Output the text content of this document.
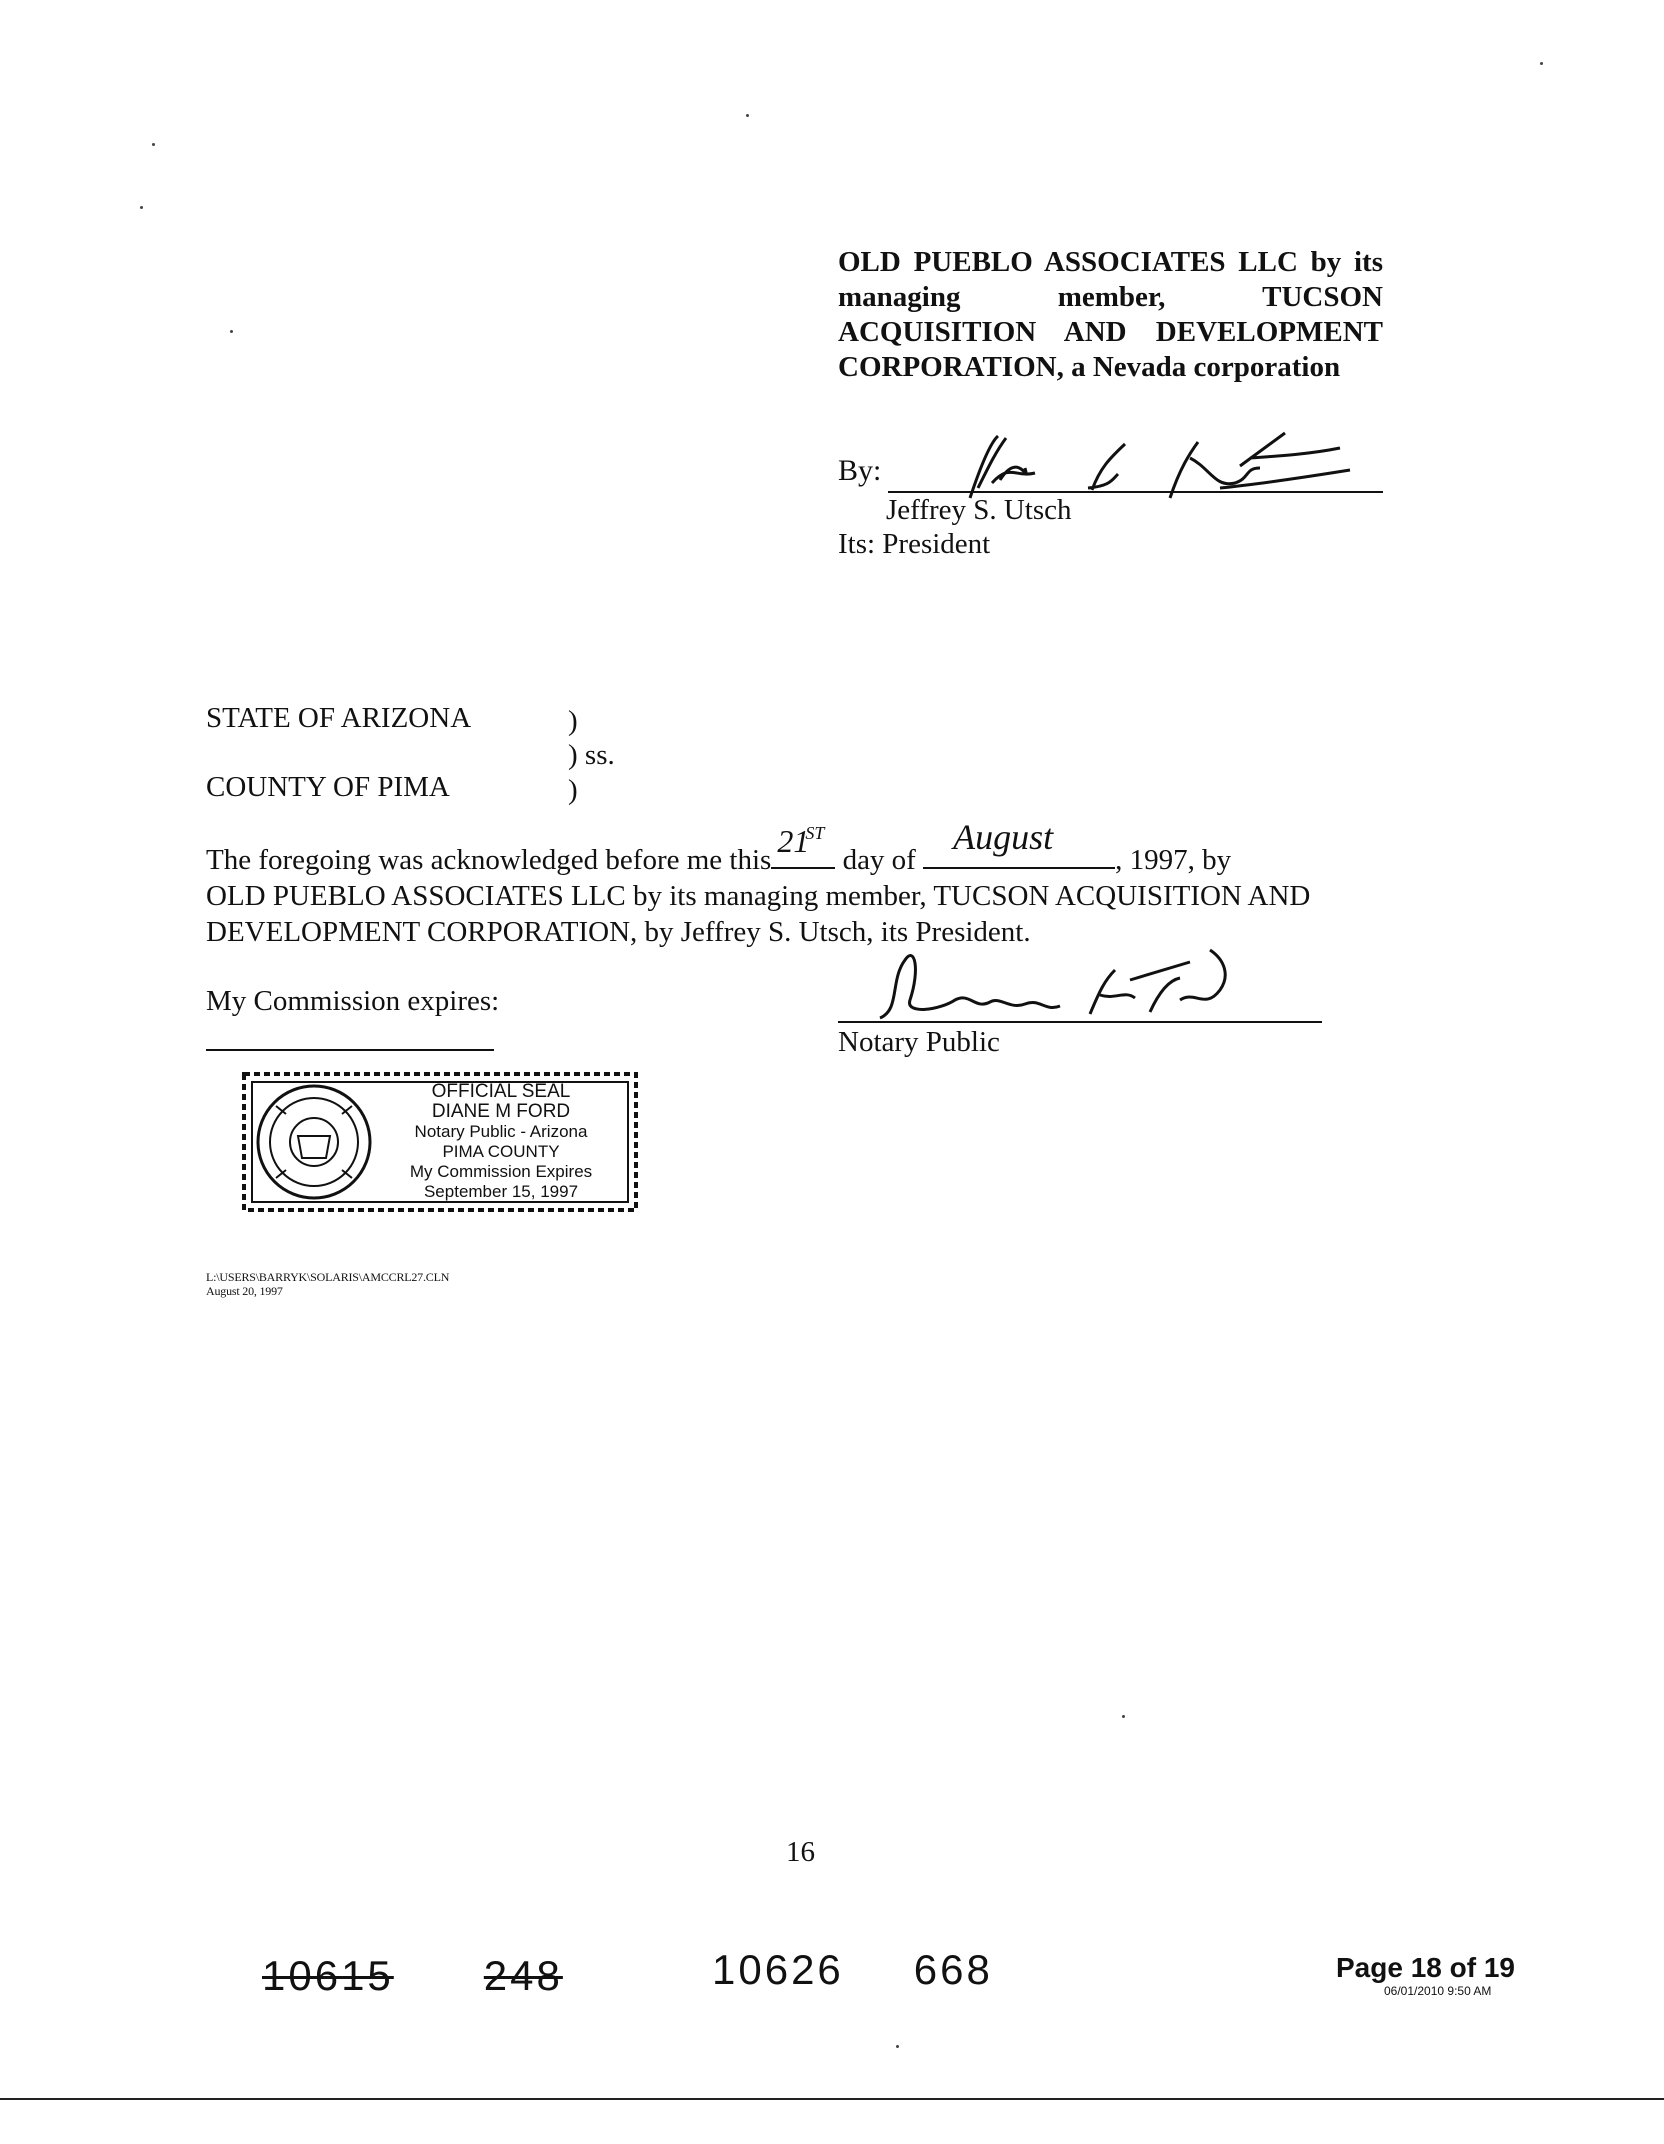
OLD PUEBLO ASSOCIATES LLC by its
managing member, TUCSON
ACQUISITION AND DEVELOPMENT
CORPORATION, a Nevada corporation
By:
Jeffrey S. Utsch
Its: President
STATE OF ARIZONA
COUNTY OF PIMA
)
) ss.
)
The foregoing was acknowledged before me this
21
ST
day of
August
, 1997, by
OLD PUEBLO ASSOCIATES LLC by its managing member, TUCSON ACQUISITION AND
DEVELOPMENT CORPORATION, by Jeffrey S. Utsch, its President.
My Commission expires:
Notary Public
OFFICIAL SEAL
DIANE M FORD
Notary Public - Arizona
PIMA COUNTY
My Commission Expires
September 15, 1997
L:\USERS\BARRYK\SOLARIS\AMCCRL27.CLN
August 20, 1997
16
10615 248	10626 668	Page 18 of 19
06/01/2010 9:50 AM
